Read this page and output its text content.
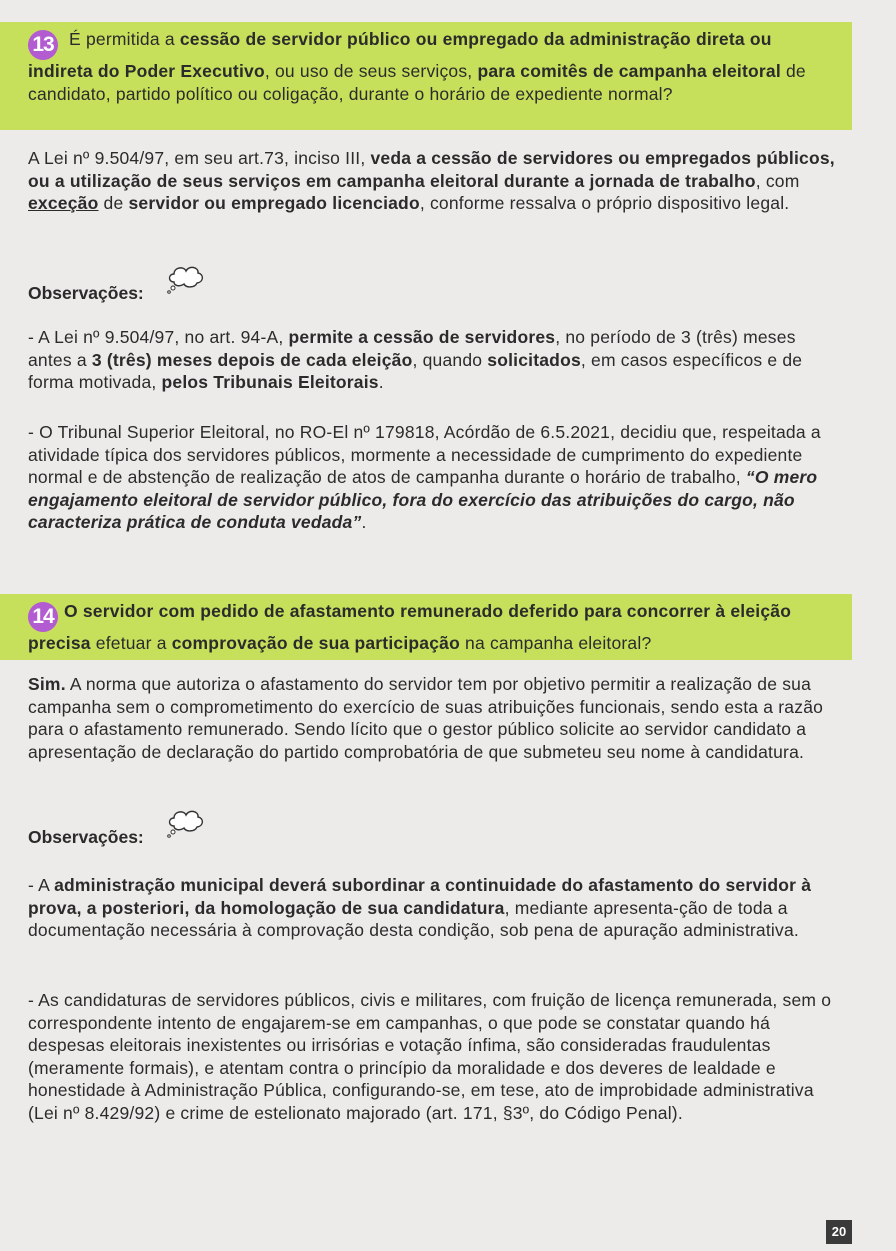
13 É permitida a cessão de servidor público ou empregado da administração direta ou indireta do Poder Executivo, ou uso de seus serviços, para comitês de campanha eleitoral de candidato, partido político ou coligação, durante o horário de expediente normal?

A Lei nº 9.504/97, em seu art.73, inciso III, veda a cessão de servidores ou empregados públicos, ou a utilização de seus serviços em campanha eleitoral durante a jornada de trabalho, com exceção de servidor ou empregado licenciado, conforme ressalva o próprio dispositivo legal.

Observações:

- A Lei nº 9.504/97, no art. 94-A, permite a cessão de servidores, no período de 3 (três) meses antes a 3 (três) meses depois de cada eleição, quando solicitados, em casos específicos e de forma motivada, pelos Tribunais Eleitorais.

- O Tribunal Superior Eleitoral, no RO-El nº 179818, Acórdão de 6.5.2021, decidiu que, respeitada a atividade típica dos servidores públicos, mormente a necessidade de cumprimento do expediente normal e de abstenção de realização de atos de campanha durante o horário de trabalho, “O mero engajamento eleitoral de servidor público, fora do exercício das atribuições do cargo, não caracteriza prática de conduta vedada”.

14 O servidor com pedido de afastamento remunerado deferido para concorrer à eleição precisa efetuar a comprovação de sua participação na campanha eleitoral?

Sim. A norma que autoriza o afastamento do servidor tem por objetivo permitir a realização de sua campanha sem o comprometimento do exercício de suas atribuições funcionais, sendo esta a razão para o afastamento remunerado. Sendo lícito que o gestor público solicite ao servidor candidato a apresentação de declaração do partido comprobatória de que submeteu seu nome à candidatura.

Observações:

- A administração municipal deverá subordinar a continuidade do afastamento do servidor à prova, a posteriori, da homologação de sua candidatura, mediante apresenta-ção de toda a documentação necessária à comprovação desta condição, sob pena de apuração administrativa.

- As candidaturas de servidores públicos, civis e militares, com fruição de licença remunerada, sem o correspondente intento de engajarem-se em campanhas, o que pode se constatar quando há despesas eleitorais inexistentes ou irrisórias e votação ínfima, são consideradas fraudulentas (meramente formais), e atentam contra o princípio da moralidade e dos deveres de lealdade e honestidade à Administração Pública, configurando-se, em tese, ato de improbidade administrativa (Lei nº 8.429/92) e crime de estelionato majorado (art. 171, §3º, do Código Penal).

20
